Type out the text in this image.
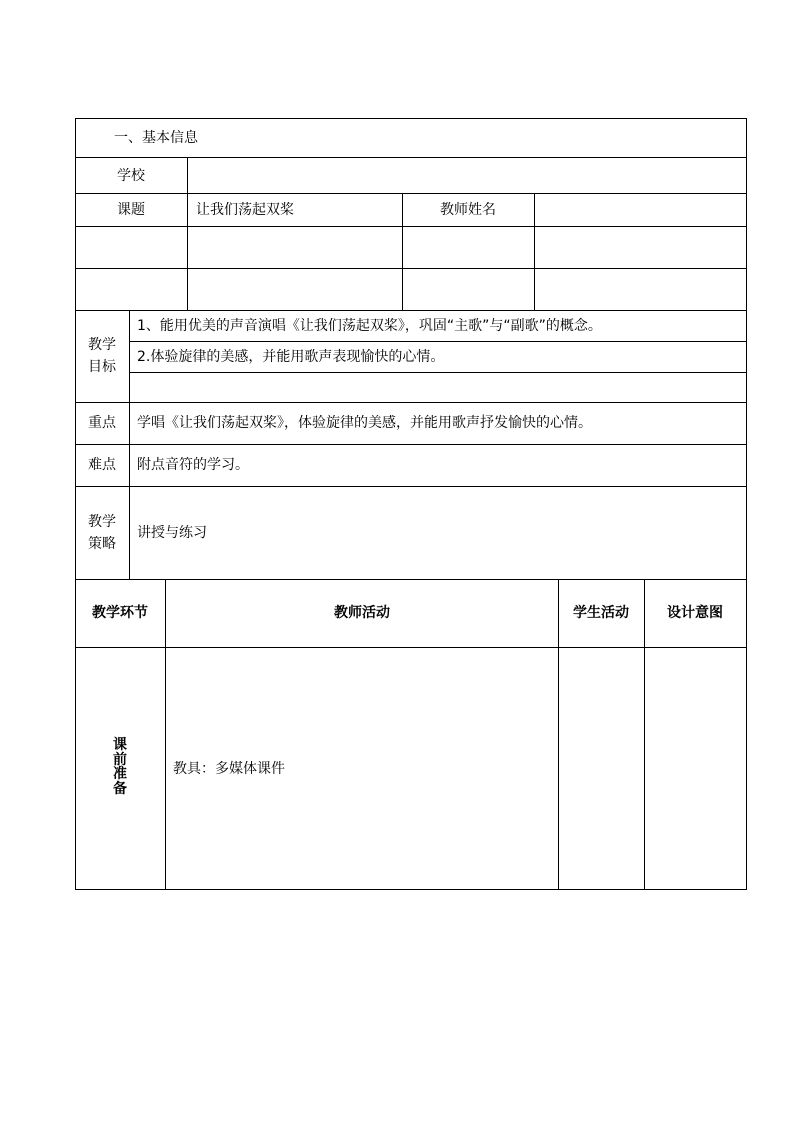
一、基本信息
学校
课题	让我们荡起双桨	教师姓名
教学
目标
1、能用优美的声音演唱《让我们荡起双桨》，巩固“主歌”与“副歌”的概念。
2.体验旋律的美感，并能用歌声表现愉快的心情。
重点 学唱《让我们荡起双桨》，体验旋律的美感，并能用歌声抒发愉快的心情。
难点 附点音符的学习。
教学
策略
讲授与练习
教学环节	教师活动	学生活动	设计意图
课
前
准
备
教具：多媒体课件
